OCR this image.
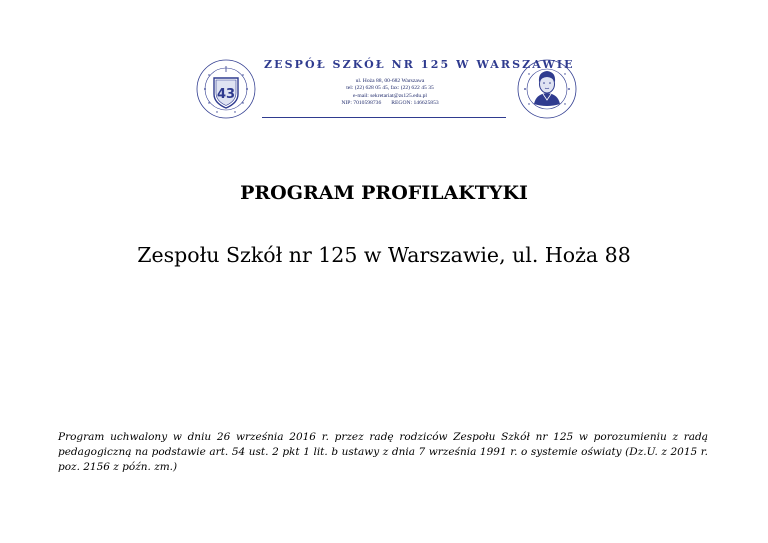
43
ZESPÓŁ SZKÓŁ NR 125 W WARSZAWIE
ul. Hoża 88, 00-682 Warszawa
tel: (22) 628 05 45, fax: (22) 622 45 35
e-mail: sekretariat@zs125.edu.pl
NIP: 7010598736 REGON: 146625853
PROGRAM PROFILAKTYKI
Zespołu Szkół nr 125 w Warszawie, ul. Hoża 88
Program uchwalony w dniu 26 września 2016 r. przez radę rodziców Zespołu Szkół nr 125 w porozumieniu z radą pedagogiczną na podstawie art. 54 ust. 2 pkt 1 lit. b ustawy z dnia 7 września 1991 r. o systemie oświaty (Dz.U. z 2015 r. poz. 2156 z późn. zm.)
